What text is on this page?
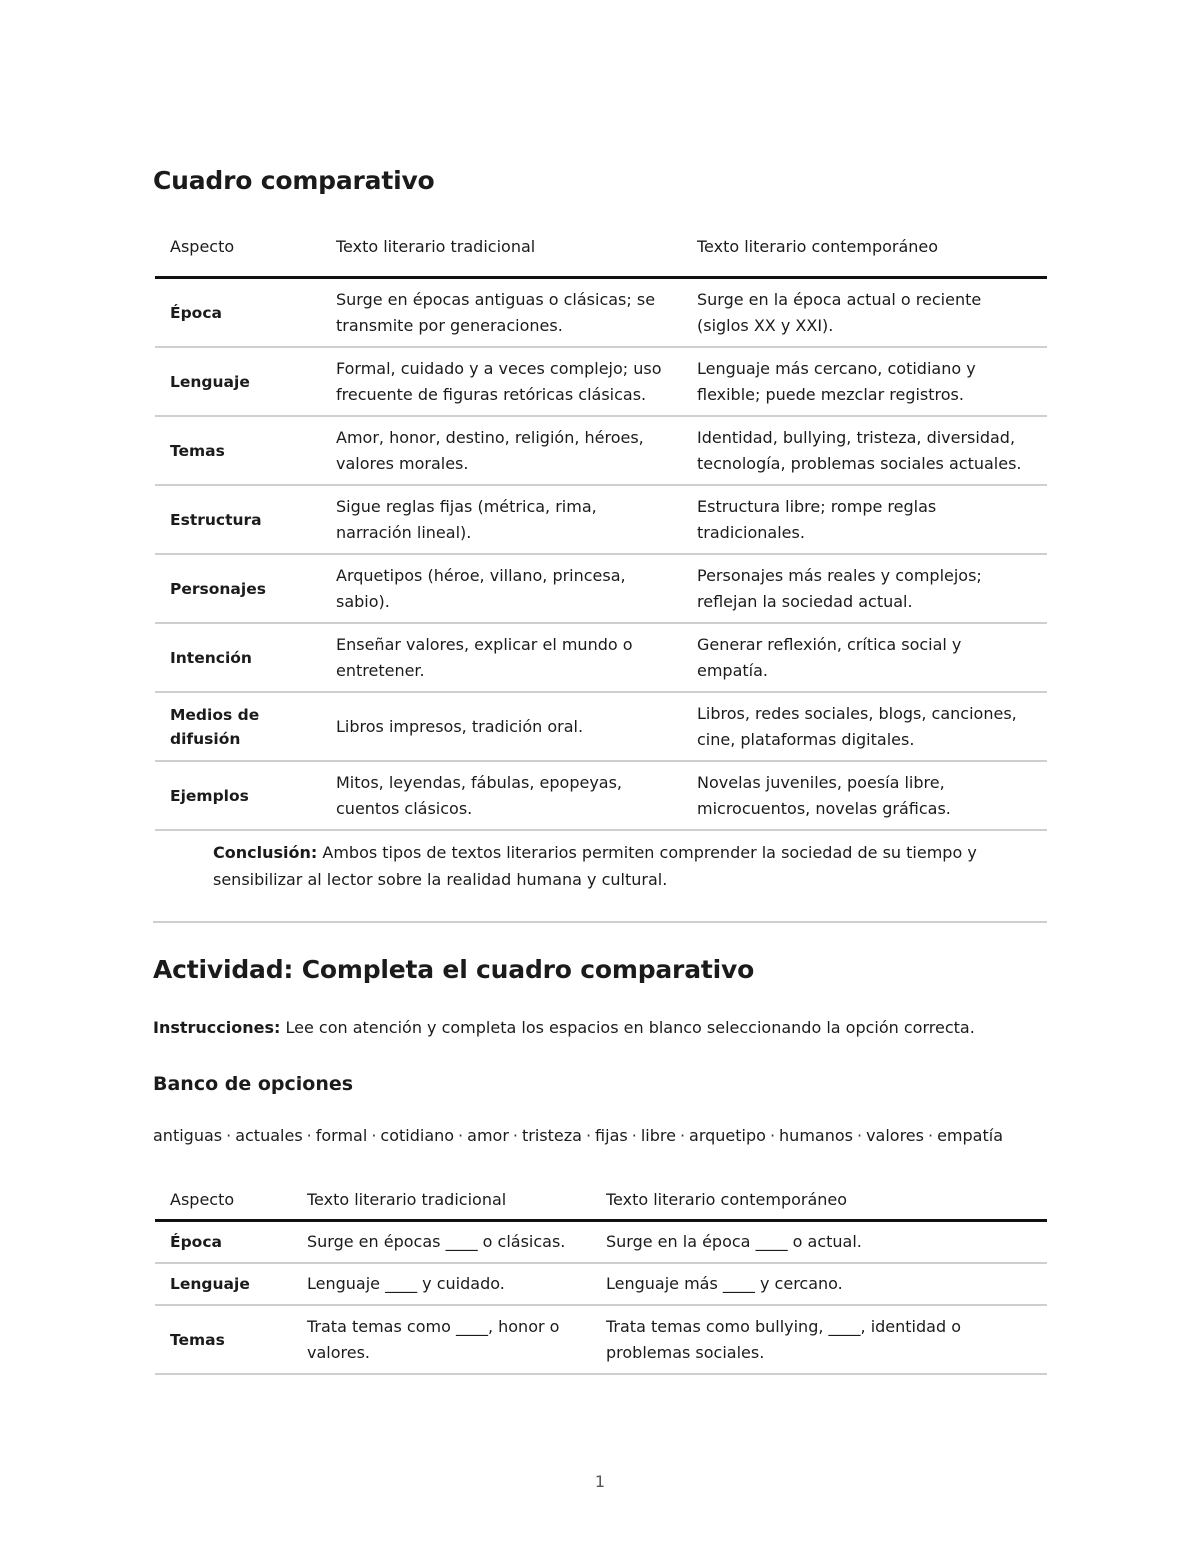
Cuadro comparativo
Aspecto	Texto literario tradicional	Texto literario contemporáneo
Época	Surge en épocas antiguas o clásicas; se transmite por generaciones.	Surge en la época actual o reciente (siglos XX y XXI).
Lenguaje	Formal, cuidado y a veces complejo; uso frecuente de figuras retóricas clásicas.	Lenguaje más cercano, cotidiano y flexible; puede mezclar registros.
Temas	Amor, honor, destino, religión, héroes, valores morales.	Identidad, bullying, tristeza, diversidad, tecnología, problemas sociales actuales.
Estructura	Sigue reglas fijas (métrica, rima, narración lineal).	Estructura libre; rompe reglas tradicionales.
Personajes	Arquetipos (héroe, villano, princesa, sabio).	Personajes más reales y complejos; reflejan la sociedad actual.
Intención	Enseñar valores, explicar el mundo o entretener.	Generar reflexión, crítica social y empatía.
Medios de difusión	Libros impresos, tradición oral.	Libros, redes sociales, blogs, canciones, cine, plataformas digitales.
Ejemplos	Mitos, leyendas, fábulas, epopeyas, cuentos clásicos.	Novelas juveniles, poesía libre, microcuentos, novelas gráficas.

Conclusión: Ambos tipos de textos literarios permiten comprender la sociedad de su tiempo y sensibilizar al lector sobre la realidad humana y cultural.

Actividad: Completa el cuadro comparativo

Instrucciones: Lee con atención y completa los espacios en blanco seleccionando la opción correcta.

Banco de opciones

antiguas · actuales · formal · cotidiano · amor · tristeza · fijas · libre · arquetipo · humanos · valores · empatía

Aspecto	Texto literario tradicional	Texto literario contemporáneo
Época	Surge en épocas ____ o clásicas.	Surge en la época ____ o actual.
Lenguaje	Lenguaje ____ y cuidado.	Lenguaje más ____ y cercano.
Temas	Trata temas como ____, honor o valores.	Trata temas como bullying, ____, identidad o problemas sociales.
1
